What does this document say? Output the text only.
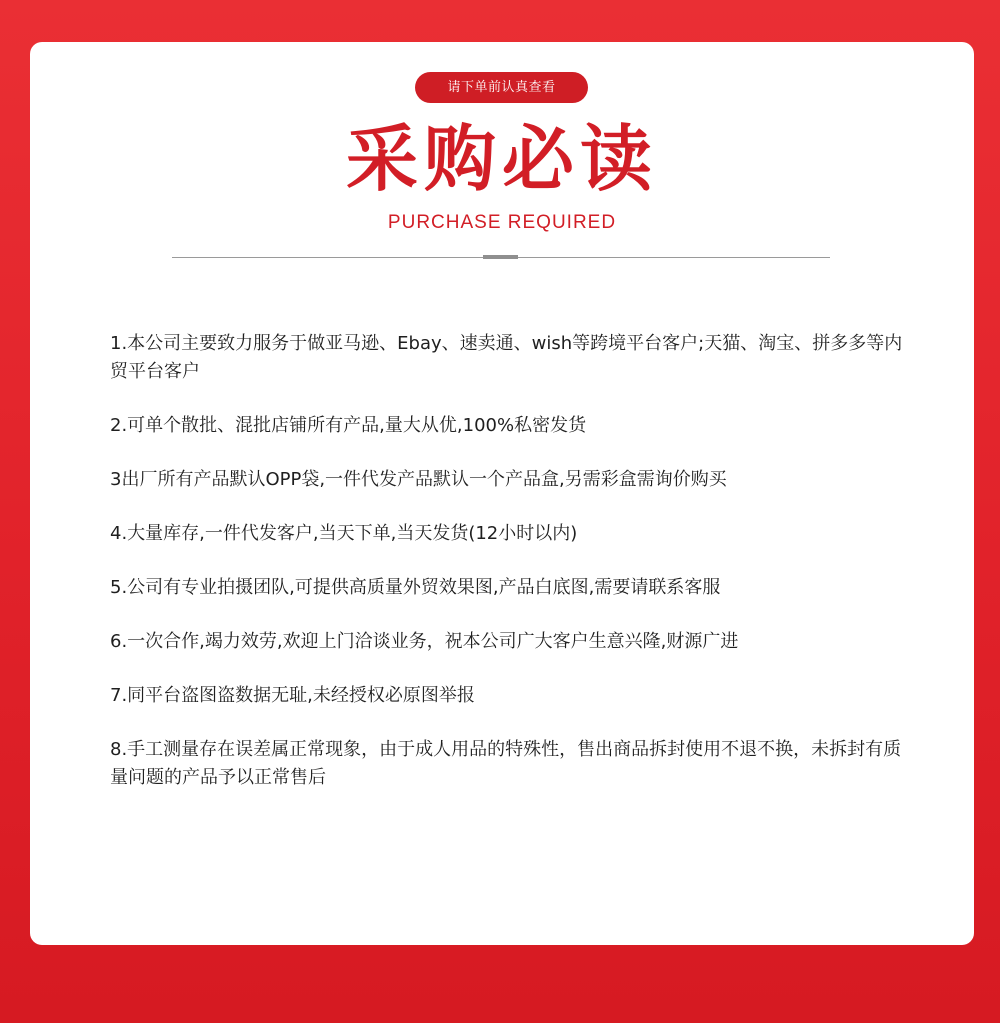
请下单前认真查看
采购必读
PURCHASE REQUIRED
1.本公司主要致力服务于做亚马逊、Ebay、速卖通、wish等跨境平台客户;天猫、淘宝、拼多多等内贸平台客户
2.可单个散批、混批店铺所有产品,量大从优,100%私密发货
3出厂所有产品默认OPP袋,一件代发产品默认一个产品盒,另需彩盒需询价购买
4.大量库存,一件代发客户,当天下单,当天发货(12小时以内)
5.公司有专业拍摄团队,可提供高质量外贸效果图,产品白底图,需要请联系客服
6.一次合作,竭力效劳,欢迎上门洽谈业务，祝本公司广大客户生意兴隆,财源广进
7.同平台盗图盗数据无耻,未经授权必原图举报
8.手工测量存在误差属正常现象，由于成人用品的特殊性，售出商品拆封使用不退不换，未拆封有质量问题的产品予以正常售后
